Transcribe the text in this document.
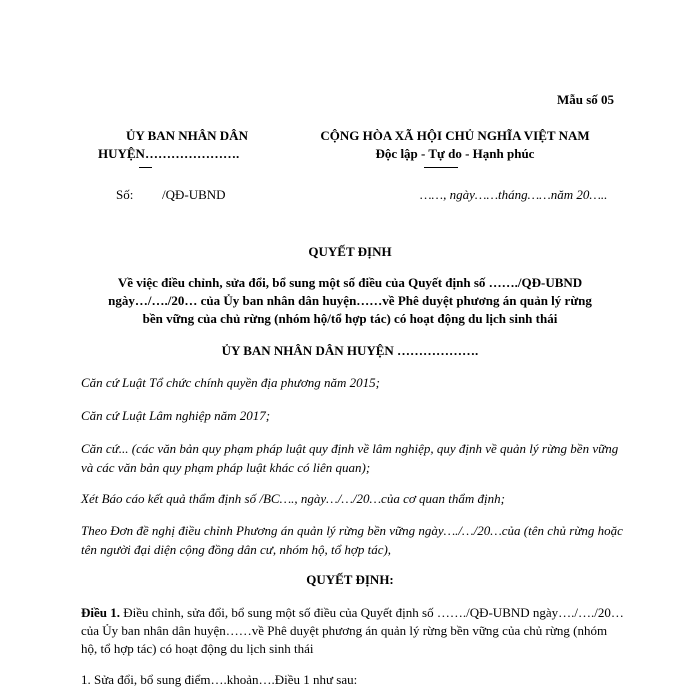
Mẫu số 05
ỦY BAN NHÂN DÂN
HUYỆN………………….
CỘNG HÒA XÃ HỘI CHỦ NGHĨA VIỆT NAM
Độc lập - Tự do - Hạnh phúc
Số: /QĐ-UBND	……, ngày……tháng……năm 20…..
QUYẾT ĐỊNH
Về việc điều chỉnh, sửa đổi, bổ sung một số điều của Quyết định số ……./QĐ-UBND
ngày…/…./20… của Ủy ban nhân dân huyện……về Phê duyệt phương án quản lý rừng
bền vững của chủ rừng (nhóm hộ/tổ hợp tác) có hoạt động du lịch sinh thái
ỦY BAN NHÂN DÂN HUYỆN ……………….
Căn cứ Luật Tổ chức chính quyền địa phương năm 2015;
Căn cứ Luật Lâm nghiệp năm 2017;
Căn cứ... (các văn bản quy phạm pháp luật quy định về lâm nghiệp, quy định về quản lý rừng bền vững và các văn bản quy phạm pháp luật khác có liên quan);
Xét Báo cáo kết quả thẩm định số /BC…., ngày…/…/20…của cơ quan thẩm định;
Theo Đơn đề nghị điều chỉnh Phương án quản lý rừng bền vững ngày…./…/20…của (tên chủ rừng hoặc tên người đại diện cộng đồng dân cư, nhóm hộ, tổ hợp tác),
QUYẾT ĐỊNH:
Điều 1. Điều chỉnh, sửa đổi, bổ sung một số điều của Quyết định số ……./QĐ-UBND ngày…./…./20… của Ủy ban nhân dân huyện……về Phê duyệt phương án quản lý rừng bền vững của chủ rừng (nhóm hộ, tổ hợp tác) có hoạt động du lịch sinh thái
1. Sửa đổi, bổ sung điểm….khoản….Điều 1 như sau:
